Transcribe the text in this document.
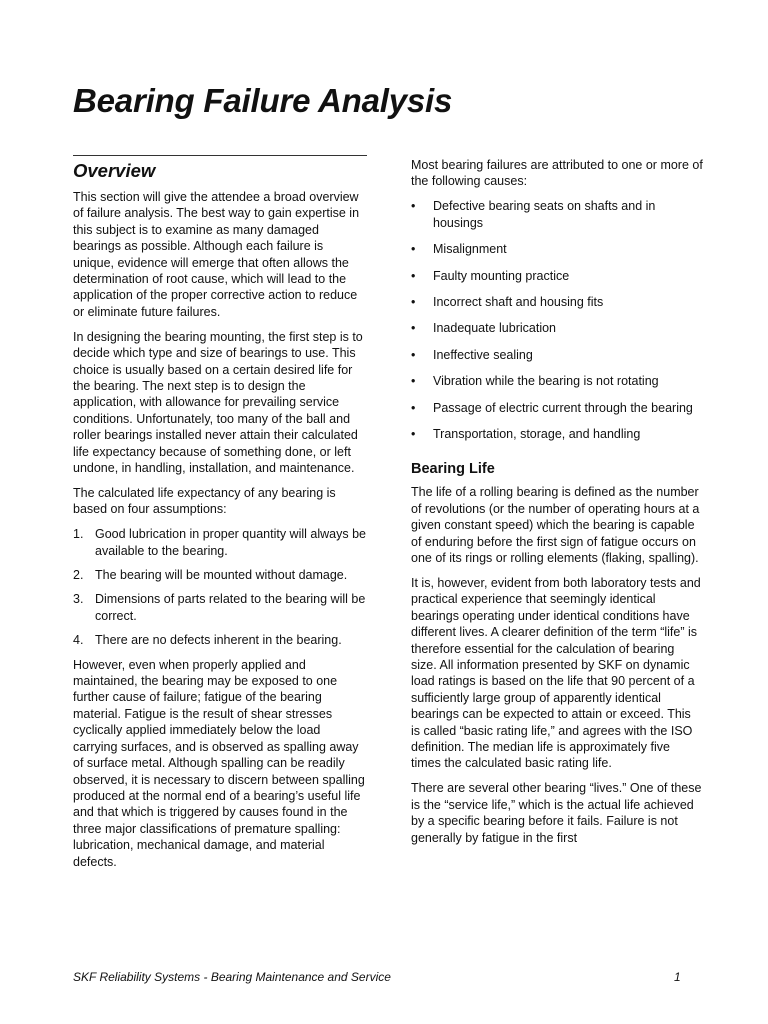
Bearing Failure Analysis
Overview

This section will give the attendee a broad overview of failure analysis. The best way to gain expertise in this subject is to examine as many damaged bearings as possible. Although each failure is unique, evidence will emerge that often allows the determination of root cause, which will lead to the application of the proper corrective action to reduce or eliminate future failures.

In designing the bearing mounting, the first step is to decide which type and size of bearings to use. This choice is usually based on a certain desired life for the bearing. The next step is to design the application, with allowance for prevailing service conditions. Unfortunately, too many of the ball and roller bearings installed never attain their calculated life expectancy because of something done, or left undone, in handling, installation, and maintenance.

The calculated life expectancy of any bearing is based on four assumptions:

1. Good lubrication in proper quantity will always be available to the bearing.
2. The bearing will be mounted without damage.
3. Dimensions of parts related to the bearing will be correct.
4. There are no defects inherent in the bearing.

However, even when properly applied and maintained, the bearing may be exposed to one further cause of failure; fatigue of the bearing material. Fatigue is the result of shear stresses cyclically applied immediately below the load carrying surfaces, and is observed as spalling away of surface metal. Although spalling can be readily observed, it is necessary to discern between spalling produced at the normal end of a bearing’s useful life and that which is triggered by causes found in the three major classifications of premature spalling: lubrication, mechanical damage, and material defects.

Most bearing failures are attributed to one or more of the following causes:

• Defective bearing seats on shafts and in housings
• Misalignment
• Faulty mounting practice
• Incorrect shaft and housing fits
• Inadequate lubrication
• Ineffective sealing
• Vibration while the bearing is not rotating
• Passage of electric current through the bearing
• Transportation, storage, and handling
Bearing Life

The life of a rolling bearing is defined as the number of revolutions (or the number of operating hours at a given constant speed) which the bearing is capable of enduring before the first sign of fatigue occurs on one of its rings or rolling elements (flaking, spalling).

It is, however, evident from both laboratory tests and practical experience that seemingly identical bearings operating under identical conditions have different lives. A clearer definition of the term “life” is therefore essential for the calculation of bearing size. All information presented by SKF on dynamic load ratings is based on the life that 90 percent of a sufficiently large group of apparently identical bearings can be expected to attain or exceed. This is called “basic rating life,” and agrees with the ISO definition. The median life is approximately five times the calculated basic rating life.

There are several other bearing “lives.” One of these is the “service life,” which is the actual life achieved by a specific bearing before it fails. Failure is not generally by fatigue in the first

SKF Reliability Systems - Bearing Maintenance and Service	1
